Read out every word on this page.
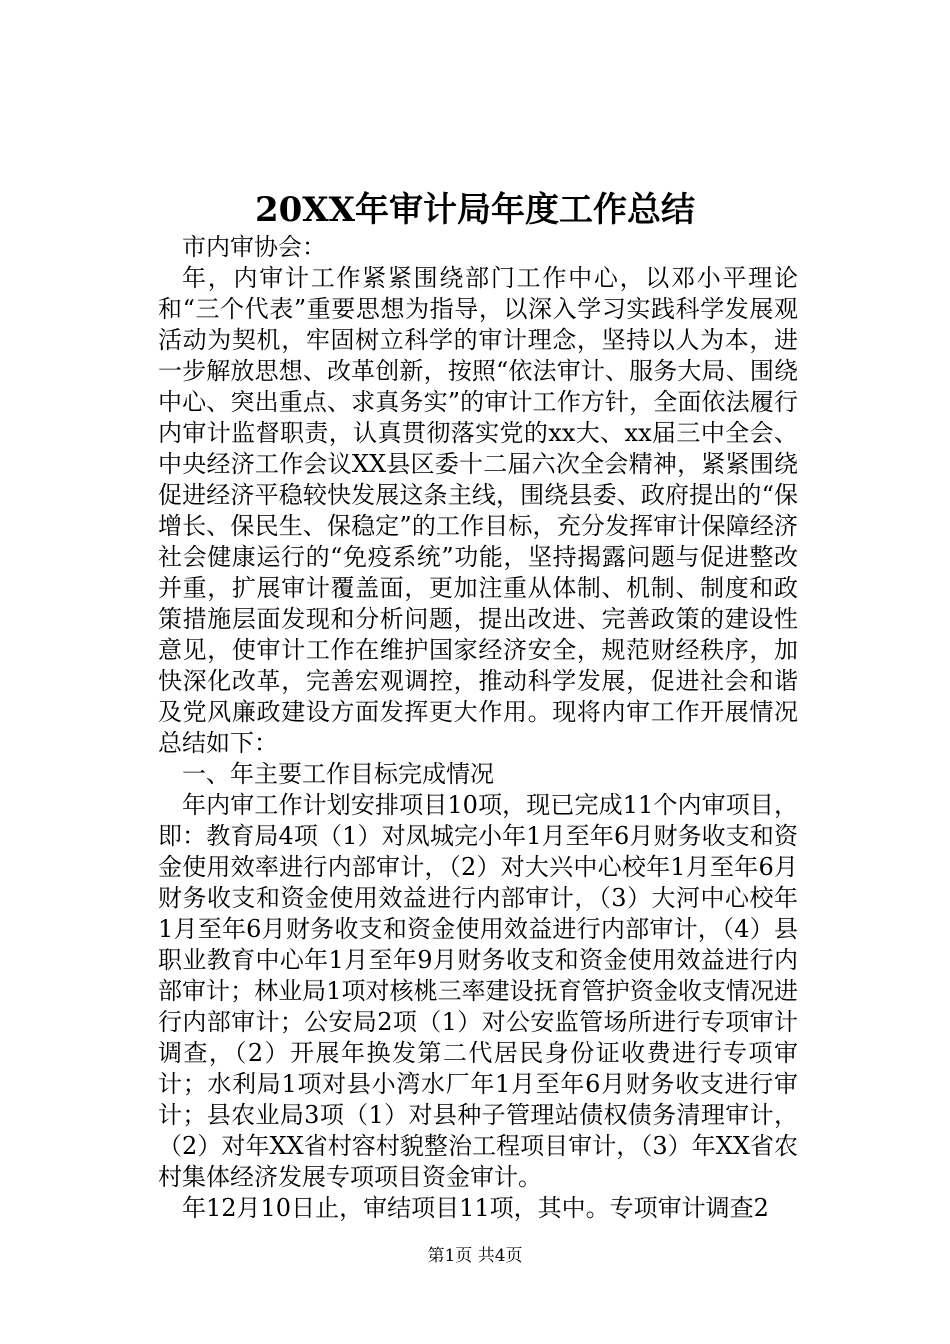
20XX年审计局年度工作总结

市内审协会：

年，内审计工作紧紧围绕部门工作中心，以邓小平理论和“三个代表”重要思想为指导，以深入学习实践科学发展观活动为契机，牢固树立科学的审计理念，坚持以人为本，进一步解放思想、改革创新，按照“依法审计、服务大局、围绕中心、突出重点、求真务实”的审计工作方针，全面依法履行内审计监督职责，认真贯彻落实党的xx大、xx届三中全会、中央经济工作会议XX县区委十二届六次全会精神，紧紧围绕促进经济平稳较快发展这条主线，围绕县委、政府提出的“保增长、保民生、保稳定”的工作目标，充分发挥审计保障经济社会健康运行的“免疫系统”功能，坚持揭露问题与促进整改并重，扩展审计覆盖面，更加注重从体制、机制、制度和政策措施层面发现和分析问题，提出改进、完善政策的建设性意见，使审计工作在维护国家经济安全，规范财经秩序，加快深化改革，完善宏观调控，推动科学发展，促进社会和谐及党风廉政建设方面发挥更大作用。现将内审工作开展情况总结如下：

一、年主要工作目标完成情况

年内审工作计划安排项目10项，现已完成11个内审项目，即：教育局4项（1）对凤城完小年1月至年6月财务收支和资金使用效率进行内部审计，（2）对大兴中心校年1月至年6月财务收支和资金使用效益进行内部审计，（3）大河中心校年1月至年6月财务收支和资金使用效益进行内部审计，（4）县职业教育中心年1月至年9月财务收支和资金使用效益进行内部审计；林业局1项对核桃三率建设抚育管护资金收支情况进行内部审计；公安局2项（1）对公安监管场所进行专项审计调查，（2）开展年换发第二代居民身份证收费进行专项审计；水利局1项对县小湾水厂年1月至年6月财务收支进行审计；县农业局3项（1）对县种子管理站债权债务清理审计，（2）对年XX省村容村貌整治工程项目审计，（3）年XX省农村集体经济发展专项项目资金审计。

年12月10日止，审结项目11项，其中。专项审计调查2

第1页 共4页
